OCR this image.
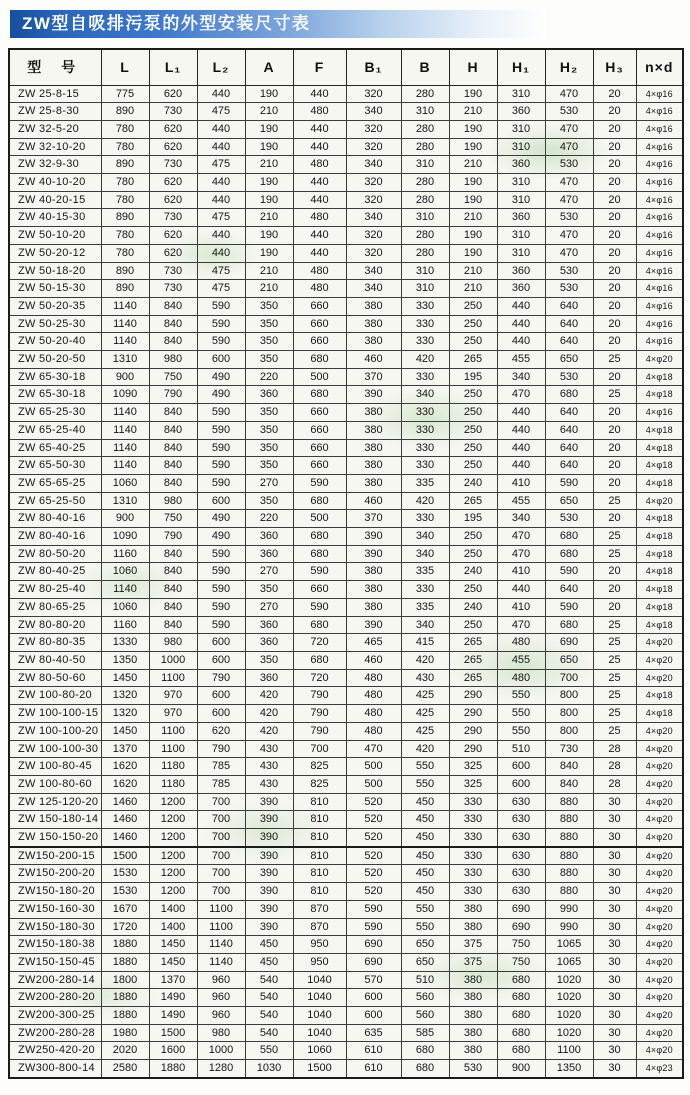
ZW型自吸排污泵的外型安装尺寸表
型 号	L	L₁	L₂	A	F	B₁	B	H	H₁	H₂	H₃	n×d
ZW 25-8-15	775	620	440	190	440	320	280	190	310	470	20	4×φ16
ZW 25-8-30	890	730	475	210	480	340	310	210	360	530	20	4×φ16
ZW 32-5-20	780	620	440	190	440	320	280	190	310	470	20	4×φ16
ZW 32-10-20	780	620	440	190	440	320	280	190	310	470	20	4×φ16
ZW 32-9-30	890	730	475	210	480	340	310	210	360	530	20	4×φ16
ZW 40-10-20	780	620	440	190	440	320	280	190	310	470	20	4×φ16
ZW 40-20-15	780	620	440	190	440	320	280	190	310	470	20	4×φ16
ZW 40-15-30	890	730	475	210	480	340	310	210	360	530	20	4×φ16
ZW 50-10-20	780	620	440	190	440	320	280	190	310	470	20	4×φ16
ZW 50-20-12	780	620	440	190	440	320	280	190	310	470	20	4×φ16
ZW 50-18-20	890	730	475	210	480	340	310	210	360	530	20	4×φ16
ZW 50-15-30	890	730	475	210	480	340	310	210	360	530	20	4×φ16
ZW 50-20-35	1140	840	590	350	660	380	330	250	440	640	20	4×φ16
ZW 50-25-30	1140	840	590	350	660	380	330	250	440	640	20	4×φ16
ZW 50-20-40	1140	840	590	350	660	380	330	250	440	640	20	4×φ16
ZW 50-20-50	1310	980	600	350	680	460	420	265	455	650	25	4×φ20
ZW 65-30-18	900	750	490	220	500	370	330	195	340	530	20	4×φ18
ZW 65-30-18	1090	790	490	360	680	390	340	250	470	680	25	4×φ18
ZW 65-25-30	1140	840	590	350	660	380	330	250	440	640	20	4×φ16
ZW 65-25-40	1140	840	590	350	660	380	330	250	440	640	20	4×φ18
ZW 65-40-25	1140	840	590	350	660	380	330	250	440	640	20	4×φ18
ZW 65-50-30	1140	840	590	350	660	380	330	250	440	640	20	4×φ18
ZW 65-65-25	1060	840	590	270	590	380	335	240	410	590	20	4×φ18
ZW 65-25-50	1310	980	600	350	680	460	420	265	455	650	25	4×φ20
ZW 80-40-16	900	750	490	220	500	370	330	195	340	530	20	4×φ18
ZW 80-40-16	1090	790	490	360	680	390	340	250	470	680	25	4×φ18
ZW 80-50-20	1160	840	590	360	680	390	340	250	470	680	25	4×φ18
ZW 80-40-25	1060	840	590	270	590	380	335	240	410	590	20	4×φ18
ZW 80-25-40	1140	840	590	350	660	380	330	250	440	640	20	4×φ18
ZW 80-65-25	1060	840	590	270	590	380	335	240	410	590	20	4×φ18
ZW 80-80-20	1160	840	590	360	680	390	340	250	470	680	25	4×φ18
ZW 80-80-35	1330	980	600	360	720	465	415	265	480	690	25	4×φ20
ZW 80-40-50	1350	1000	600	350	680	460	420	265	455	650	25	4×φ20
ZW 80-50-60	1450	1100	790	360	720	480	430	265	480	700	25	4×φ20
ZW 100-80-20	1320	970	600	420	790	480	425	290	550	800	25	4×φ18
ZW 100-100-15	1320	970	600	420	790	480	425	290	550	800	25	4×φ18
ZW 100-100-20	1450	1100	620	420	790	480	425	290	550	800	25	4×φ20
ZW 100-100-30	1370	1100	790	430	700	470	420	290	510	730	28	4×φ20
ZW 100-80-45	1620	1180	785	430	825	500	550	325	600	840	28	4×φ20
ZW 100-80-60	1620	1180	785	430	825	500	550	325	600	840	28	4×φ20
ZW 125-120-20	1460	1200	700	390	810	520	450	330	630	880	30	4×φ20
ZW 150-180-14	1460	1200	700	390	810	520	450	330	630	880	30	4×φ20
ZW 150-150-20	1460	1200	700	390	810	520	450	330	630	880	30	4×φ20
ZW150-200-15	1500	1200	700	390	810	520	450	330	630	880	30	4×φ20
ZW150-200-20	1530	1200	700	390	810	520	450	330	630	880	30	4×φ20
ZW150-180-20	1530	1200	700	390	810	520	450	330	630	880	30	4×φ20
ZW150-160-30	1670	1400	1100	390	870	590	550	380	690	990	30	4×φ20
ZW150-180-30	1720	1400	1100	390	870	590	550	380	690	990	30	4×φ20
ZW150-180-38	1880	1450	1140	450	950	690	650	375	750	1065	30	4×φ20
ZW150-150-45	1880	1450	1140	450	950	690	650	375	750	1065	30	4×φ20
ZW200-280-14	1800	1370	960	540	1040	570	510	380	680	1020	30	4×φ20
ZW200-280-20	1880	1490	960	540	1040	600	560	380	680	1020	30	4×φ20
ZW200-300-25	1880	1490	960	540	1040	600	560	380	680	1020	30	4×φ20
ZW200-280-28	1980	1500	980	540	1040	635	585	380	680	1020	30	4×φ20
ZW250-420-20	2020	1600	1000	550	1060	610	680	380	680	1100	30	4×φ20
ZW300-800-14	2580	1880	1280	1030	1500	610	680	530	900	1350	30	4×φ23
